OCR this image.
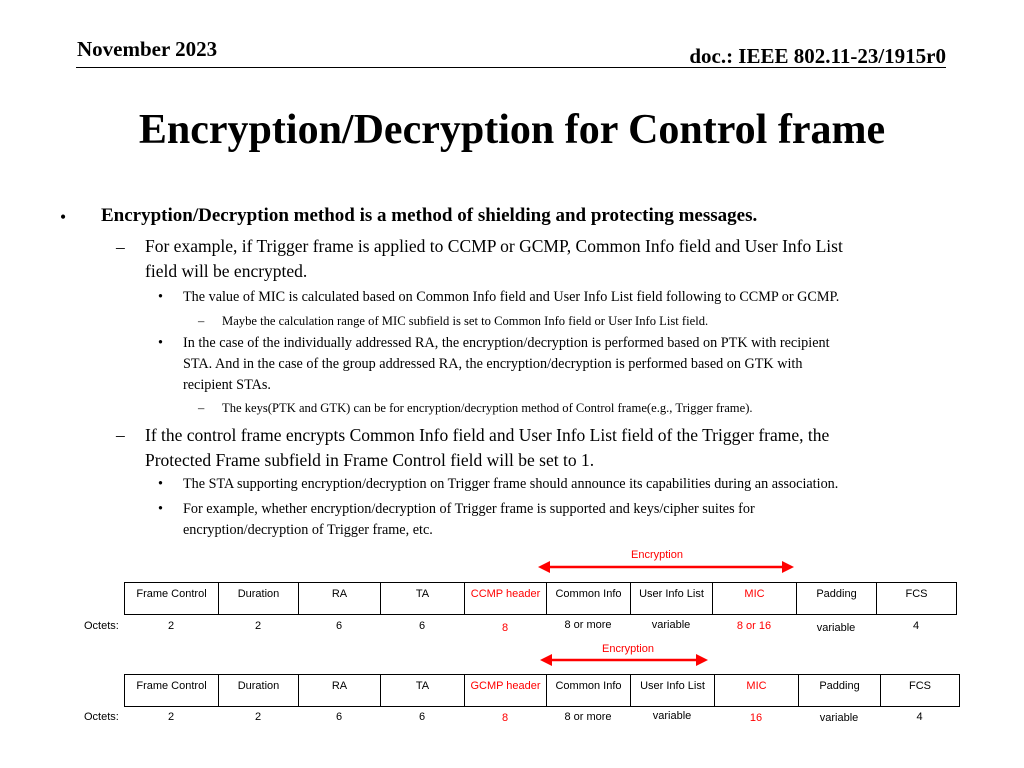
November 2023	doc.: IEEE 802.11-23/1915r0
Encryption/Decryption for Control frame
• Encryption/Decryption method is a method of shielding and protecting messages.
– For example, if Trigger frame is applied to CCMP or GCMP, Common Info field and User Info List
field will be encrypted.
• The value of MIC is calculated based on Common Info field and User Info List field following to CCMP or GCMP.
– Maybe the calculation range of MIC subfield is set to Common Info field or User Info List field.
• In the case of the individually addressed RA, the encryption/decryption is performed based on PTK with recipient
STA. And in the case of the group addressed RA, the encryption/decryption is performed based on GTK with
recipient STAs.
– The keys(PTK and GTK) can be for encryption/decryption method of Control frame(e.g., Trigger frame).
– If the control frame encrypts Common Info field and User Info List field of the Trigger frame, the
Protected Frame subfield in Frame Control field will be set to 1.
• The STA supporting encryption/decryption on Trigger frame should announce its capabilities during an association.
• For example, whether encryption/decryption of Trigger frame is supported and keys/cipher suites for
encryption/decryption of Trigger frame, etc.
Encryption
Frame Control	Duration	RA	TA	CCMP header	Common Info	User Info List	MIC	Padding	FCS
Octets:	2	2	6	6	8	8 or more	variable	8 or 16	variable	4
Encryption
Frame Control	Duration	RA	TA	GCMP header	Common Info	User Info List	MIC	Padding	FCS
Octets:	2	2	6	6	8	8 or more	variable	16	variable	4
